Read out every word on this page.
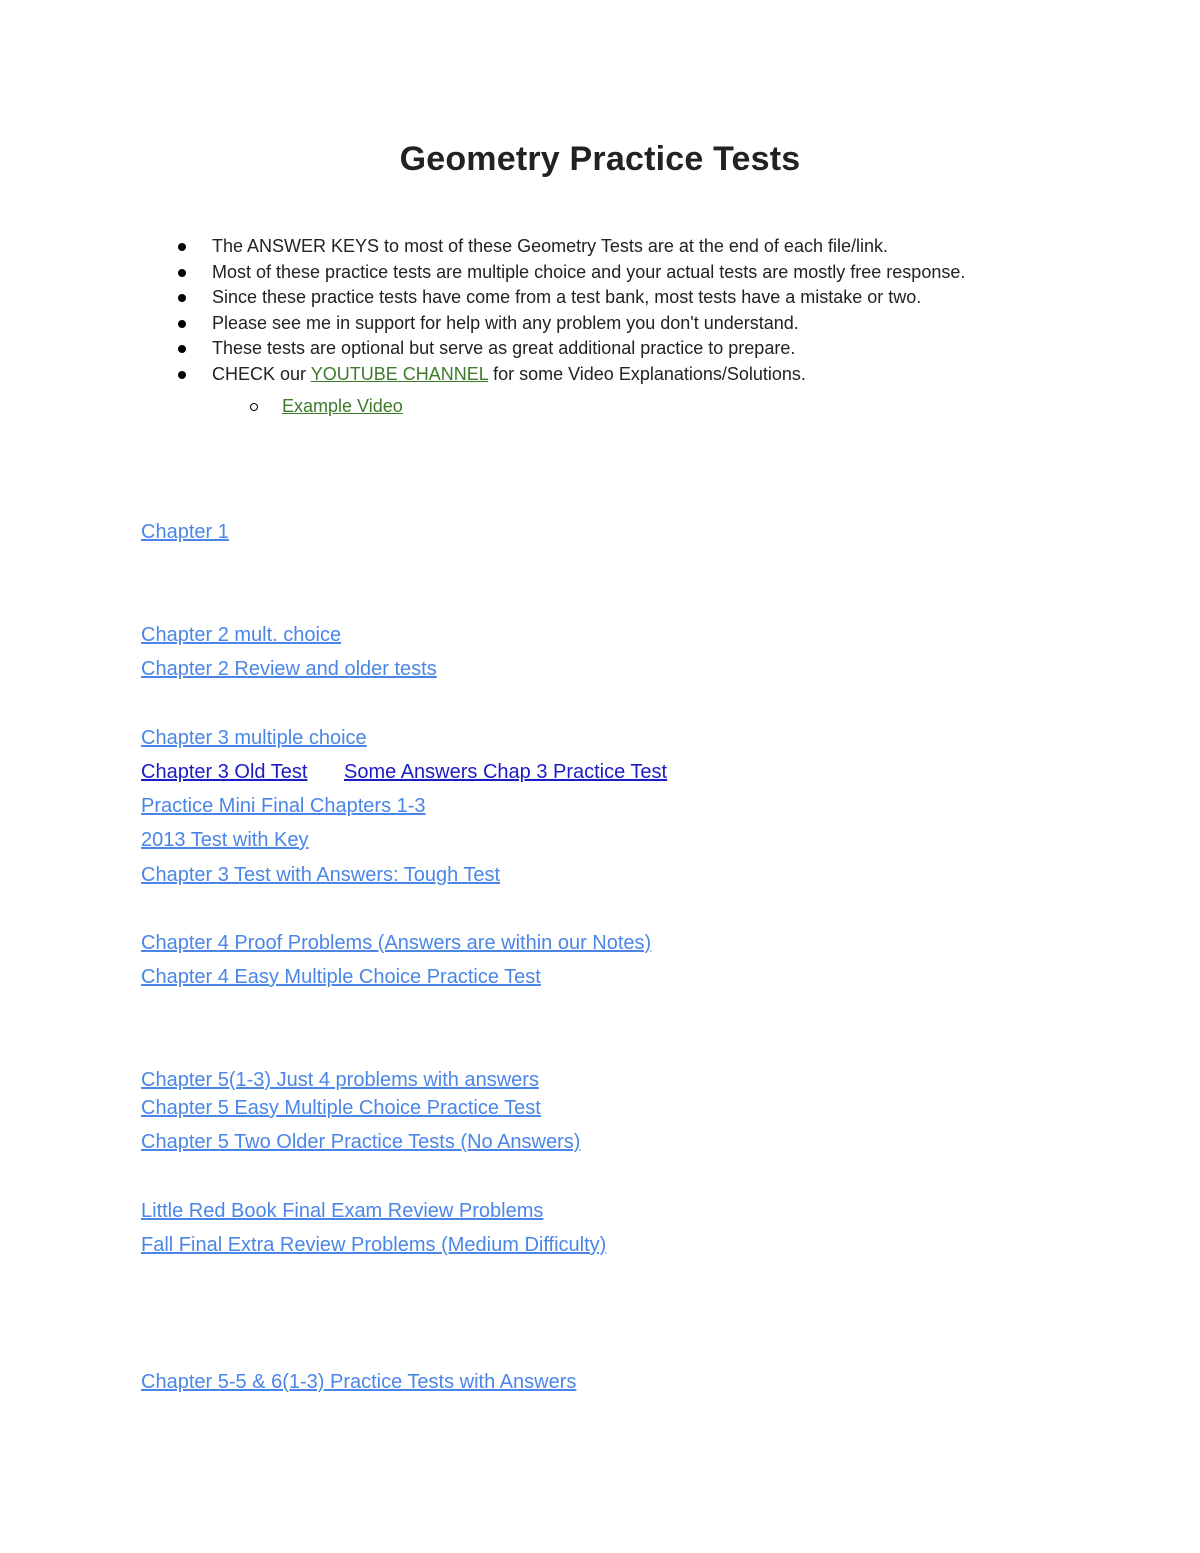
Geometry Practice Tests
The ANSWER KEYS to most of these Geometry Tests are at the end of each file/link.
Most of these practice tests are multiple choice and your actual tests are mostly free response.
Since these practice tests have come from a test bank, most tests have a mistake or two.
Please see me in support for help with any problem you don't understand.
These tests are optional but serve as great additional practice to prepare.
CHECK our YOUTUBE CHANNEL for some Video Explanations/Solutions.
Example Video
Chapter 1
Chapter 2 mult. choice
Chapter 2 Review and older tests
Chapter 3 multiple choice
Chapter 3 Old Test Some Answers Chap 3 Practice Test
Practice Mini Final Chapters 1-3
2013 Test with Key
Chapter 3 Test with Answers: Tough Test
Chapter 4 Proof Problems (Answers are within our Notes)
Chapter 4 Easy Multiple Choice Practice Test
Chapter 5(1-3) Just 4 problems with answers
Chapter 5 Easy Multiple Choice Practice Test
Chapter 5 Two Older Practice Tests (No Answers)
Little Red Book Final Exam Review Problems
Fall Final Extra Review Problems (Medium Difficulty)
Chapter 5-5 & 6(1-3) Practice Tests with Answers
